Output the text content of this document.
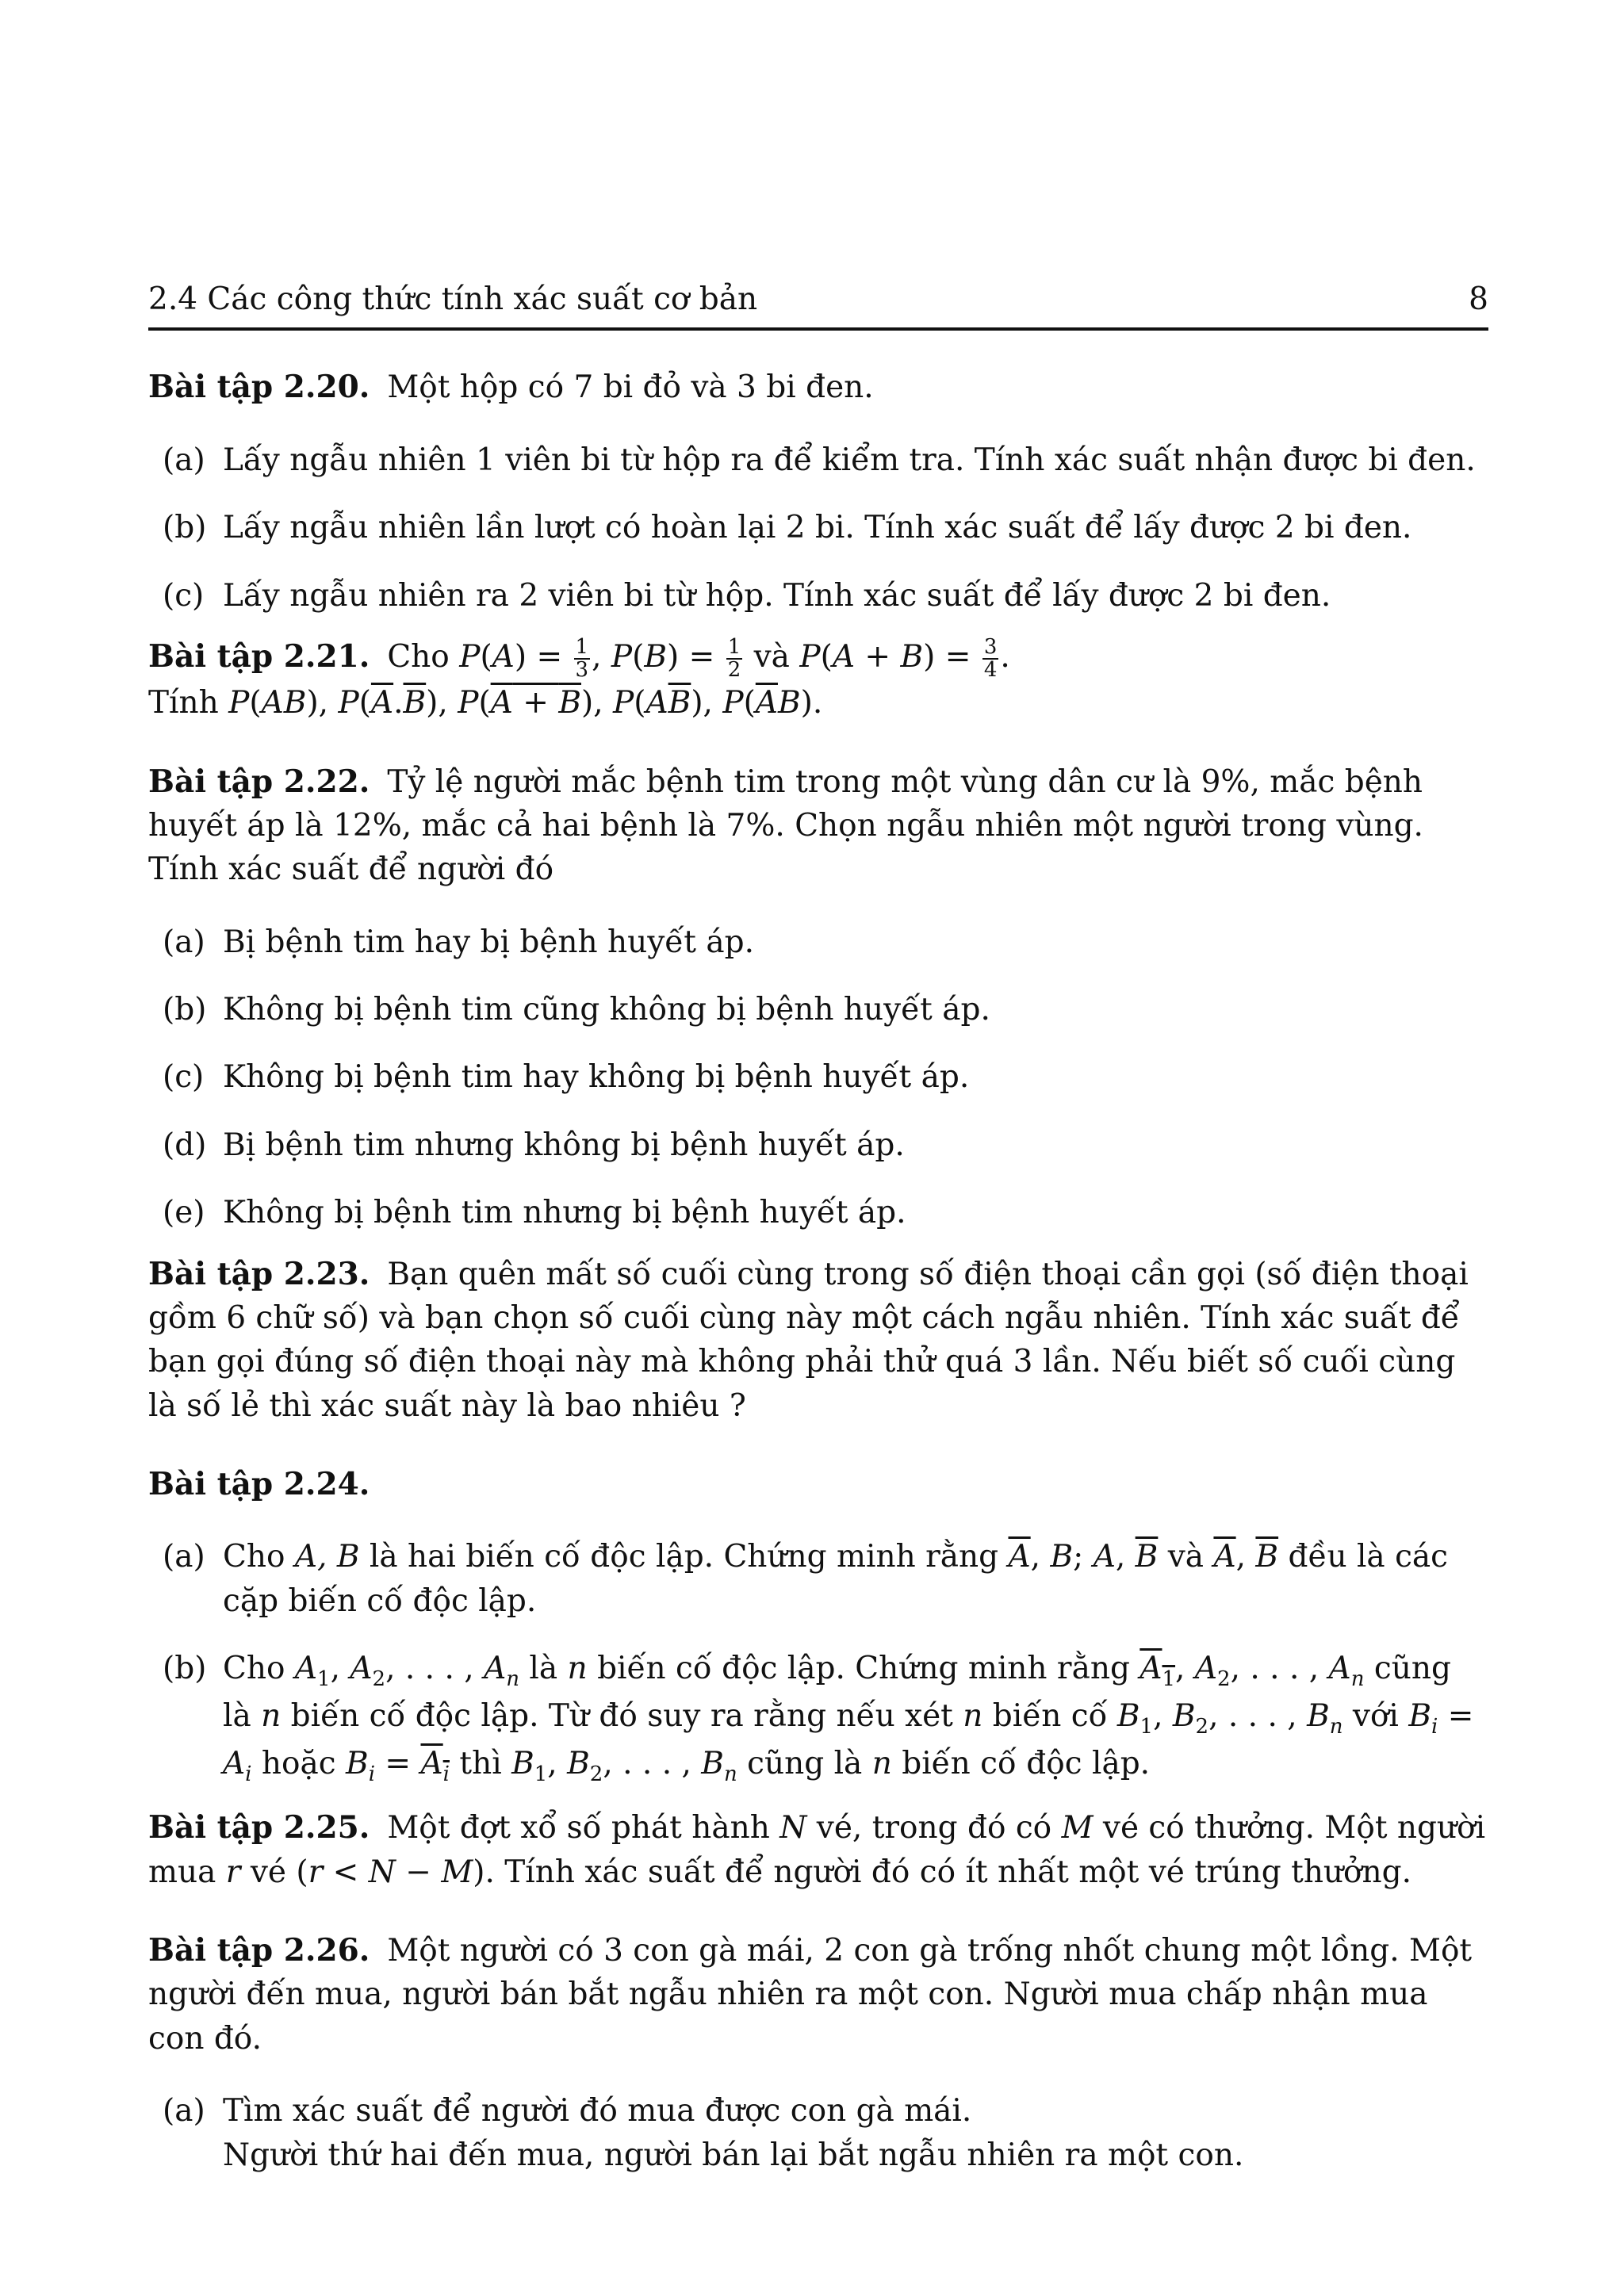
2.4 Các công thức tính xác suất cơ bản	8
Bài tập 2.20. Một hộp có 7 bi đỏ và 3 bi đen.
(a) Lấy ngẫu nhiên 1 viên bi từ hộp ra để kiểm tra. Tính xác suất nhận được bi đen.
(b) Lấy ngẫu nhiên lần lượt có hoàn lại 2 bi. Tính xác suất để lấy được 2 bi đen.
(c) Lấy ngẫu nhiên ra 2 viên bi từ hộp. Tính xác suất để lấy được 2 bi đen.
Bài tập 2.21. Cho $P(A) = \frac{1}{3}$ , $P(B) = \frac{1}{2}$ và $P(A + B) = \frac{3}{4}$ .
Tính P(AB), $P(\overline{A}.\overline{B})$, P(A + B), $P(A\overline{B})$, $P(\overline{A}B)$.
Bài tập 2.22. Tỷ lệ người mắc bệnh tim trong một vùng dân cư là 9%, mắc bệnh huyết áp là 12%, mắc cả hai bệnh là 7%. Chọn ngẫu nhiên một người trong vùng. Tính xác suất để người đó
(a) Bị bệnh tim hay bị bệnh huyết áp.
(b) Không bị bệnh tim cũng không bị bệnh huyết áp.
(c) Không bị bệnh tim hay không bị bệnh huyết áp.
(d) Bị bệnh tim nhưng không bị bệnh huyết áp.
(e) Không bị bệnh tim nhưng bị bệnh huyết áp.
Bài tập 2.23. Bạn quên mất số cuối cùng trong số điện thoại cần gọi (số điện thoại gồm 6 chữ số) và bạn chọn số cuối cùng này một cách ngẫu nhiên. Tính xác suất để bạn gọi đúng số điện thoại này mà không phải thử quá 3 lần. Nếu biết số cuối cùng là số lẻ thì xác suất này là bao nhiêu ?
Bài tập 2.24.
(a) Cho A, B là hai biến cố độc lập. Chứng minh rằng $\overline{A}$, B; A, $\overline{B}$ và $\overline{A}$, $\overline{B}$ đều là các cặp biến cố độc lập.
(b) Cho $A_1$, $A_2$, . . . , $A_n$ là n biến cố độc lập. Chứng minh rằng $A_1$, $A_2$, . . . , $A_n$ cũng là n biến cố độc lập. Từ đó suy ra rằng nếu xét n biến cố $B_1$, $B_2$, . . . , $B_n$ với $B_i = A_i$ hoặc $B_i = A_i$ thì $B_1$, $B_2$, . . . , $B_n$ cũng là n biến cố độc lập.
Bài tập 2.25. Một đợt xổ số phát hành N vé, trong đó có M vé có thưởng. Một người mua r vé (r < N − M). Tính xác suất để người đó có ít nhất một vé trúng thưởng.
Bài tập 2.26. Một người có 3 con gà mái, 2 con gà trống nhốt chung một lồng. Một người đến mua, người bán bắt ngẫu nhiên ra một con. Người mua chấp nhận mua con đó.
(a) Tìm xác suất để người đó mua được con gà mái.
Người thứ hai đến mua, người bán lại bắt ngẫu nhiên ra một con.
